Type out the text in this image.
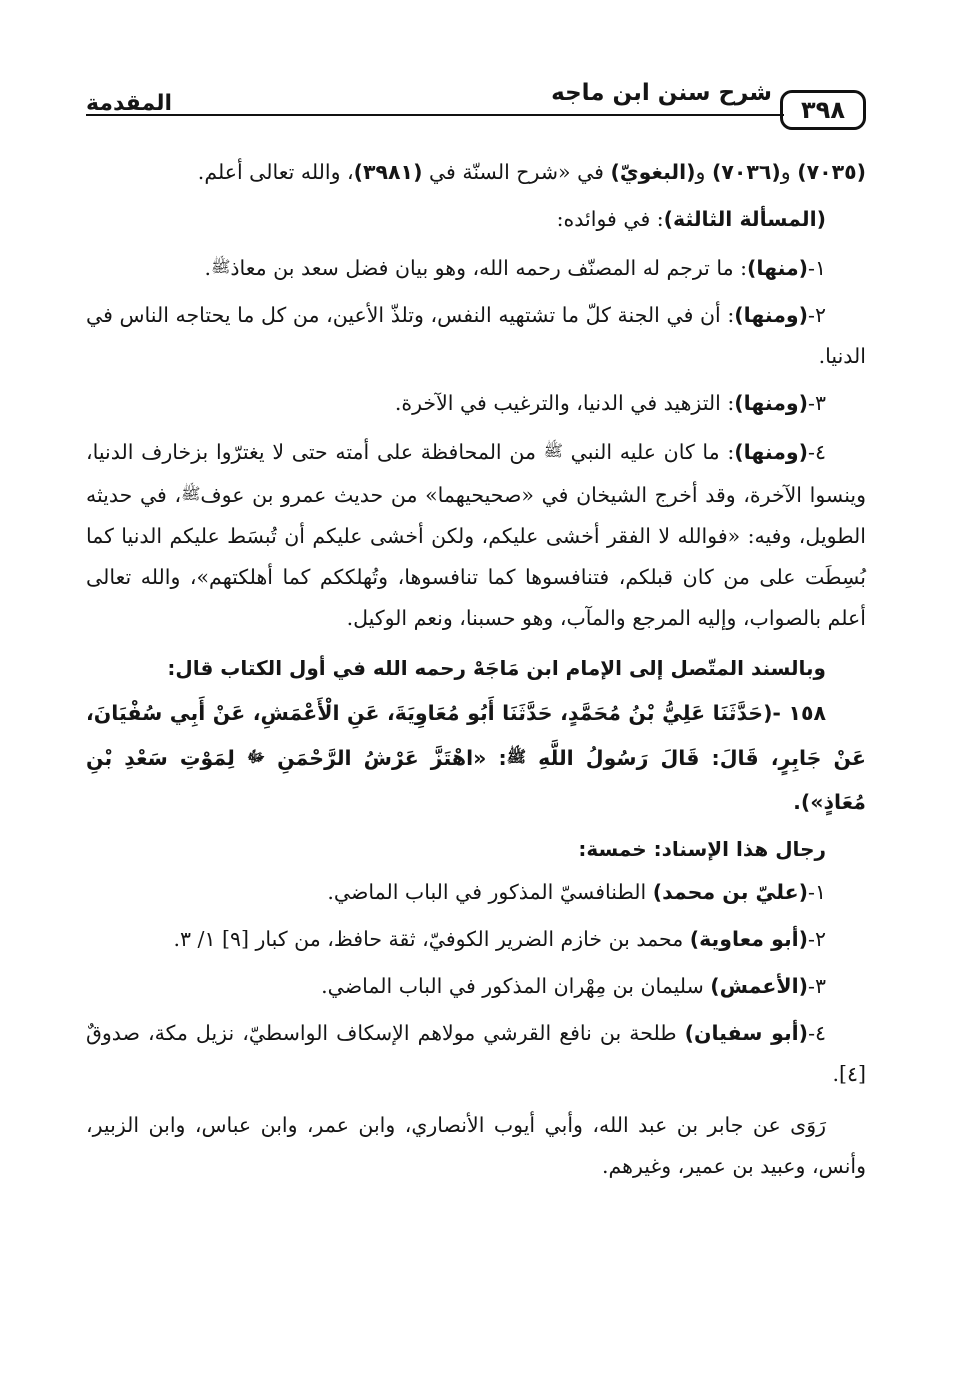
٣٩٨
شرح سنن ابن ماجه
المقدمة

(٧٠٣٥) و(٧٠٣٦) و(البغويّ) في «شرح السنّة في (٣٩٨١)، والله تعالى أعلم.

(المسألة الثالثة): في فوائده:

١-(منها): ما ترجم له المصنّف رحمه الله، وهو بيان فضل سعد بن معاذﷺ.

٢-(ومنها): أن في الجنة كلّ ما تشتهيه النفس، وتلذّ الأعين، من كل ما يحتاجه الناس في الدنيا.

٣-(ومنها): التزهيد في الدنيا، والترغيب في الآخرة.

٤-(ومنها): ما كان عليه النبي ﷺ من المحافظة على أمته حتى لا يغترّوا بزخارف الدنيا، وينسوا الآخرة، وقد أخرج الشيخان في «صحيحيهما» من حديث عمرو بن عوفﷺ، في حديثه الطويل، وفيه: «فوالله لا الفقر أخشى عليكم، ولكن أخشى عليكم أن تُبسَط عليكم الدنيا كما بُسِطَت على من كان قبلكم، فتنافسوها كما تنافسوها، وتُهلككم كما أهلكتهم»، والله تعالى أعلم بالصواب، وإليه المرجع والمآب، وهو حسبنا، ونعم الوكيل.

وبالسند المتّصل إلى الإمام ابن مَاجَهْ رحمه الله في أول الكتاب قال:

١٥٨ -(حَدَّثَنَا عَلِيُّ بْنُ مُحَمَّدٍ، حَدَّثَنَا أَبُو مُعَاوِيَةَ، عَنِ الْأَعْمَشِ، عَنْ أَبِي سُفْيَانَ، عَنْ جَابِرٍ، قَالَ: قَالَ رَسُولُ اللَّهِ ﷺ: «اهْتَزَّ عَرْشُ الرَّحْمَنِ ﷻ لِمَوْتِ سَعْدِ بْنِ مُعَاذٍ»).

رجال هذا الإسناد: خمسة:

١-(عليّ بن محمد) الطنافسيّ المذكور في الباب الماضي.

٢-(أبو معاوية) محمد بن خازم الضرير الكوفيّ، ثقة حافظ، من كبار [٩] ١/ ٣.

٣-(الأعمش) سليمان بن مِهْران المذكور في الباب الماضي.

٤-(أبو سفيان) طلحة بن نافع القرشي مولاهم الإسكاف الواسطيّ، نزيل مكة، صدوقٌ [٤].

رَوَى عن جابر بن عبد الله، وأبي أيوب الأنصاري، وابن عمر، وابن عباس، وابن الزبير، وأنس، وعبيد بن عمير، وغيرهم.
